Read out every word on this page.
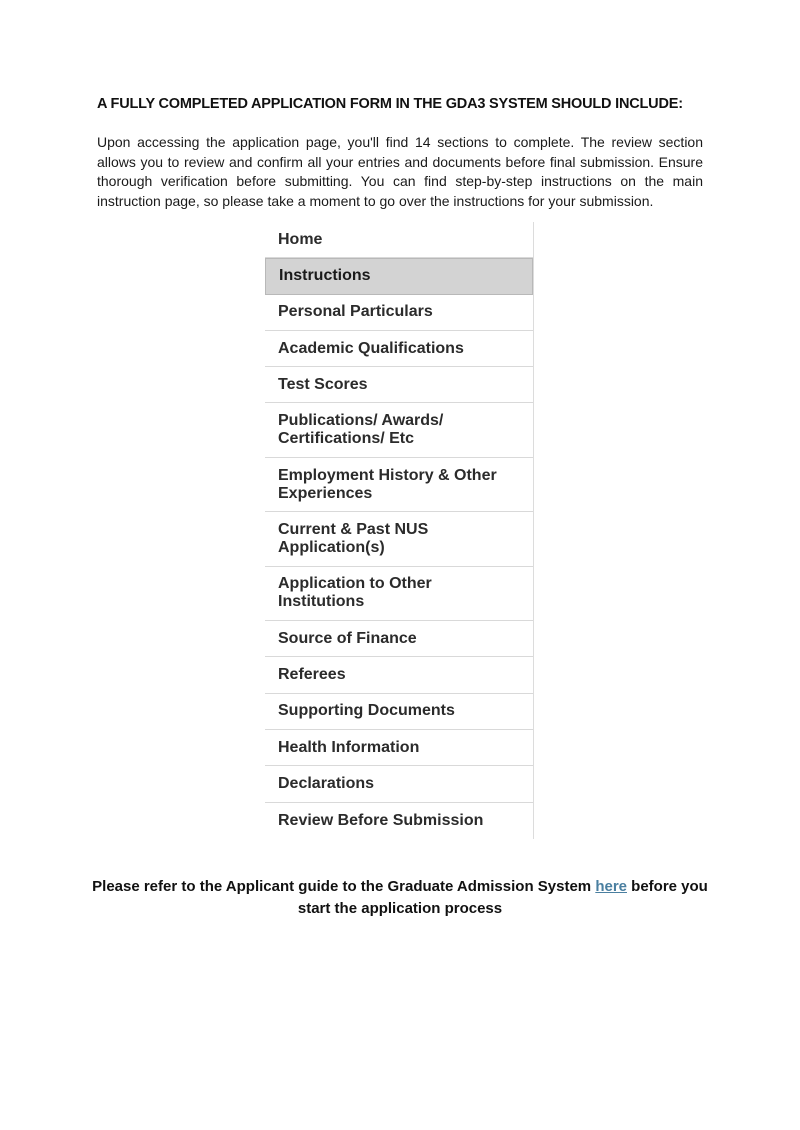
A FULLY COMPLETED APPLICATION FORM IN THE GDA3 SYSTEM SHOULD INCLUDE:

Upon accessing the application page, you'll find 14 sections to complete. The review section allows you to review and confirm all your entries and documents before final submission. Ensure thorough verification before submitting. You can find step-by-step instructions on the main instruction page, so please take a moment to go over the instructions for your submission.

Home
Instructions
Personal Particulars
Academic Qualifications
Test Scores
Publications/ Awards/
Certifications/ Etc
Employment History & Other
Experiences
Current & Past NUS
Application(s)
Application to Other
Institutions
Source of Finance
Referees
Supporting Documents
Health Information
Declarations
Review Before Submission

Please refer to the Applicant guide to the Graduate Admission System here before you start the application process
